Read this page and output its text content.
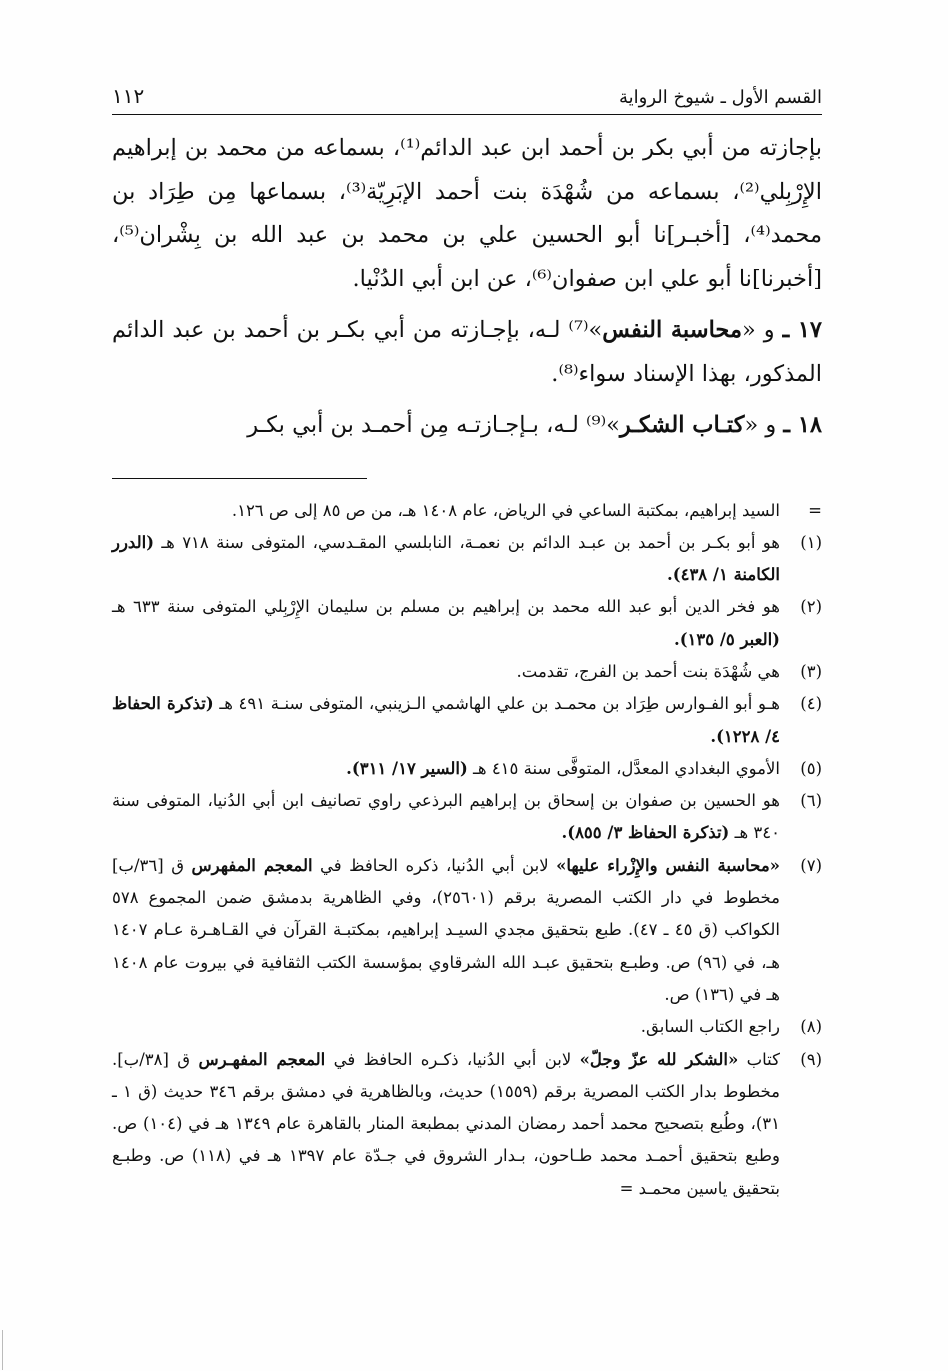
القسم الأول ـ شيوخ الرواية
١١٢

بإجازته من أبي بكر بن أحمد ابن عبد الدائم⁽¹⁾، بسماعه من محمد بن إبراهيم الإِرْبِلي⁽²⁾، بسماعه من شُهْدَة بنت أحمد الإبَرِيّة⁽³⁾، بسماعها مِن طِرَاد بن محمد⁽⁴⁾، [أخبـر]نا أبو الحسين علي بن محمد بن عبد الله بن بِشْران⁽⁵⁾، [أخبرنا]نا أبو علي ابن صفوان⁽⁶⁾، عن ابن أبي الدُنْيا.

١٧ ـ و «محاسبة النفس»⁽⁷⁾ لـه، بإجـازته من أبي بكـر بن أحمد بن عبد الدائم المذكور، بهذا الإسناد سواء⁽⁸⁾.

١٨ ـ و «كتـاب الشكـر»⁽⁹⁾ لـه، بـإجـازتـه مِن أحمـد بن أبي بكـر

=
السيد إبراهيم، بمكتبة الساعي في الرياض، عام ١٤٠٨ هـ، من ص ٨٥ إلى ص ١٢٦.
(١)
هو أبو بكـر بن أحمد بن عبـد الدائم بن نعمـة، النابلسي المقـدسي، المتوفى سنة ٧١٨ هـ (الدرر الكامنة ١/ ٤٣٨).
(٢)
هو فخر الدين أبو عبد الله محمد بن إبراهيم بن مسلم بن سليمان الإِرْبِلي المتوفى سنة ٦٣٣ هـ (العبر ٥/ ١٣٥).
(٣)
هي شُهْدَة بنت أحمد بن الفرج، تقدمت.
(٤)
هـو أبو الفـوارس طِرَاد بن محمـد بن علي الهاشمي الـزينبي، المتوفى سنـة ٤٩١ هـ (تذكرة الحفاظ ٤/ ١٢٢٨).
(٥)
الأموي البغدادي المعدَّل، المتوفَّى سنة ٤١٥ هـ (السير ١٧/ ٣١١).
(٦)
هو الحسين بن صفوان بن إسحاق بن إبراهيم البرذعي راوي تصانيف ابن أبي الدُنيا، المتوفى سنة ٣٤٠ هـ (تذكرة الحفاظ ٣/ ٨٥٥).
(٧)
«محاسبة النفس والإِزْراء عليها» لابن أبي الدُنيا، ذكره الحافظ في المعجم المفهرس ق [٣٦/ب] مخطوط في دار الكتب المصرية برقم (٢٥٦٠١)، وفي الظاهرية بدمشق ضمن المجموع ٥٧٨ الكواكب (ق ٤٥ ـ ٤٧). طبع بتحقيق مجدي السيـد إبراهيم، بمكتبـة القرآن في القـاهـرة عـام ١٤٠٧ هـ، في (٩٦) ص. وطبـع بتحقيق عبـد الله الشرقاوي بمؤسسة الكتب الثقافية في بيروت عام ١٤٠٨ هـ في (١٣٦) ص.
(٨)
راجع الكتاب السابق.
(٩)
كتاب «الشكر لله عزّ وجلّ» لابن أبي الدُنيا، ذكـره الحافظ في المعجم المفهـرس ق [٣٨/ب]. مخطوط بدار الكتب المصرية برقم (١٥٥٩) حديث، وبالظاهرية في دمشق برقم ٣٤٦ حديث (ق ١ ـ ٣١)، وطُبع بتصحيح محمد أحمد رمضان المدني بمطبعة المنار بالقاهرة عام ١٣٤٩ هـ في (١٠٤) ص. وطبع بتحقيق أحمـد محمد طـاحون، بـدار الشروق في جـدّة عام ١٣٩٧ هـ في (١١٨) ص. وطبـع بتحقيق ياسين محمـد =
